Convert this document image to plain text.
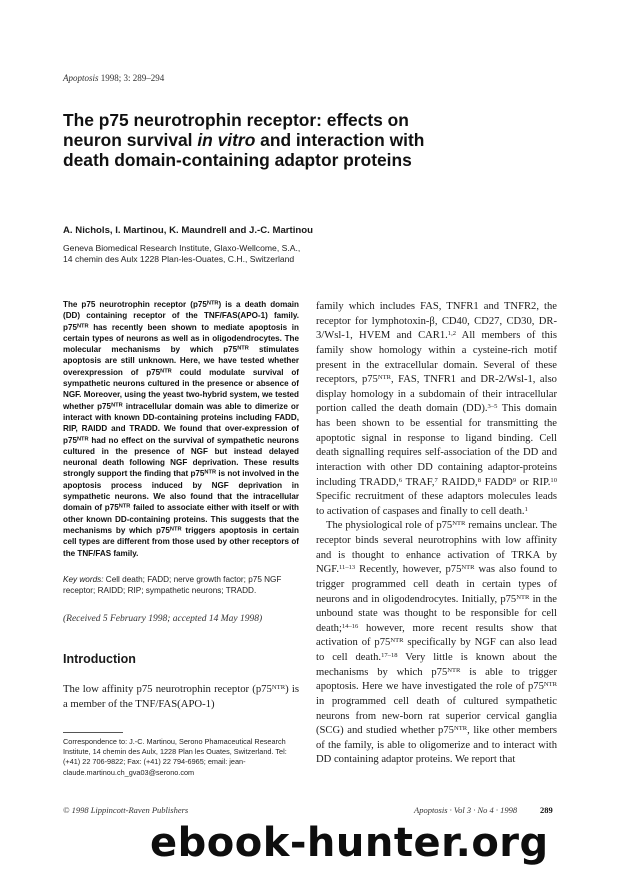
Apoptosis 1998; 3: 289–294
The p75 neurotrophin receptor: effects on neuron survival in vitro and interaction with death domain-containing adaptor proteins
A. Nichols, I. Martinou, K. Maundrell and J.-C. Martinou
Geneva Biomedical Research Institute, Glaxo-Wellcome, S.A.,
14 chemin des Aulx 1228 Plan-les-Ouates, C.H., Switzerland

The p75 neurotrophin receptor $(p75^{NTR})$ is a death domain (DD) containing receptor of the TNF/FAS(APO-1) family. $p75^{NTR}$ has recently been shown to mediate apoptosis in certain types of neurons as well as in oligodendrocytes. The molecular mechanisms by which $p75^{NTR}$ stimulates apoptosis are still unknown. Here, we have tested whether overexpression of $p75^{NTR}$ could modulate survival of sympathetic neurons cultured in the presence or absence of NGF. Moreover, using the yeast two-hybrid system, we tested whether $p75^{NTR}$ intracellular domain was able to dimerize or interact with known DD-containing proteins including FADD, RIP, RAIDD and TRADD. We found that over-expression of $p75^{NTR}$ had no effect on the survival of sympathetic neurons cultured in the presence of NGF but instead delayed neuronal death following NGF deprivation. These results strongly support the finding that $p75^{NTR}$ is not involved in the apoptosis process induced by NGF deprivation in sympathetic neurons. We also found that the intracellular domain of $p75^{NTR}$ failed to associate either with itself or with other known DD-containing proteins. This suggests that the mechanisms by which $p75^{NTR}$ triggers apoptosis in certain cell types are different from those used by other receptors of the TNF/FAS family.

Key words: Cell death; FADD; nerve growth factor; p75 NGF receptor; RAIDD; RIP; sympathetic neurons; TRADD.
(Received 5 February 1998; accepted 14 May 1998)
Introduction

The low affinity p75 neurotrophin receptor $(p75^{NTR})$ is a member of the TNF/FAS(APO-1)

Correspondence to: J.-C. Martinou, Serono Phamaceutical Research Institute, 14 chemin des Aulx, 1228 Plan les Ouates, Switzerland. Tel: (+41) 22 706-9822; Fax: (+41) 22 794-6965; email: jean-claude.martinou.ch_gva03@serono.com

family which includes FAS, TNFR1 and TNFR2, the receptor for lymphotoxin-β, CD40, CD27, CD30, DR-3/Wsl-1, HVEM and CAR1.$^{1,2}$ All members of this family show homology within a cysteine-rich motif present in the extracellular domain. Several of these receptors, $p75^{NTR}$, FAS, TNFR1 and DR-2/Wsl-1, also display homology in a subdomain of their intracellular portion called the death domain (DD).$^{3-5}$ This domain has been shown to be essential for transmitting the apoptotic signal in response to ligand binding. Cell death signalling requires self-association of the DD and interaction with other DD containing adaptor-proteins including TRADD,$^6$ TRAF,$^7$ RAIDD,$^8$ FADD$^9$ or RIP.$^{10}$ Specific recruitment of these adaptors molecules leads to activation of caspases and finally to cell death.$^1$

The physiological role of $p75^{NTR}$ remains unclear. The receptor binds several neurotrophins with low affinity and is thought to enhance activation of TRKA by NGF.$^{11-13}$ Recently, however, $p75^{NTR}$ was also found to trigger programmed cell death in certain types of neurons and in oligodendrocytes. Initially, $p75^{NTR}$ in the unbound state was thought to be responsible for cell death;$^{14-16}$ however, more recent results show that activation of $p75^{NTR}$ specifically by NGF can also lead to cell death.$^{17-18}$ Very little is known about the mechanisms by which $p75^{NTR}$ is able to trigger apoptosis. Here we have investigated the role of $p75^{NTR}$ in programmed cell death of cultured sympathetic neurons from new-born rat superior cervical ganglia (SCG) and studied whether $p75^{NTR}$, like other members of the family, is able to oligomerize and to interact with DD containing adaptor proteins. We report that

© 1998 Lippincott-Raven Publishers	Apoptosis · Vol 3 · No 4 · 1998	289
ebook-hunter.org
